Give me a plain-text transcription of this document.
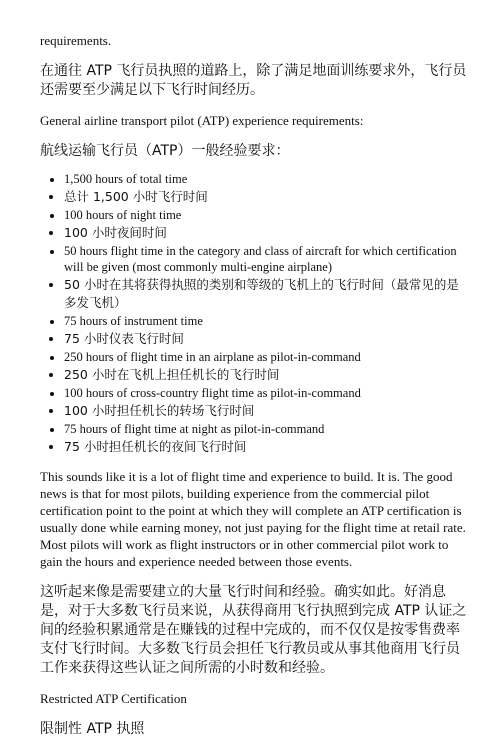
requirements.

在通往 ATP 飞行员执照的道路上，除了满足地面训练要求外，飞行员还需要至少满足以下飞行时间经历。

General airline transport pilot (ATP) experience requirements:

航线运输飞行员（ATP）一般经验要求：

• 1,500 hours of total time
• 总计 1,500 小时飞行时间
• 100 hours of night time
• 100 小时夜间时间
• 50 hours flight time in the category and class of aircraft for which certification will be given (most commonly multi-engine airplane)
• 50 小时在其将获得执照的类别和等级的飞机上的飞行时间（最常见的是多发飞机）
• 75 hours of instrument time
• 75 小时仪表飞行时间
• 250 hours of flight time in an airplane as pilot-in-command
• 250 小时在飞机上担任机长的飞行时间
• 100 hours of cross-country flight time as pilot-in-command
• 100 小时担任机长的转场飞行时间
• 75 hours of flight time at night as pilot-in-command
• 75 小时担任机长的夜间飞行时间

This sounds like it is a lot of flight time and experience to build. It is. The good news is that for most pilots, building experience from the commercial pilot certification point to the point at which they will complete an ATP certification is usually done while earning money, not just paying for the flight time at retail rate. Most pilots will work as flight instructors or in other commercial pilot work to gain the hours and experience needed between those events.

这听起来像是需要建立的大量飞行时间和经验。确实如此。好消息是，对于大多数飞行员来说，从获得商用飞行执照到完成 ATP 认证之间的经验积累通常是在赚钱的过程中完成的，而不仅仅是按零售费率支付飞行时间。大多数飞行员会担任飞行教员或从事其他商用飞行员工作来获得这些认证之间所需的小时数和经验。

Restricted ATP Certification

限制性 ATP 执照
